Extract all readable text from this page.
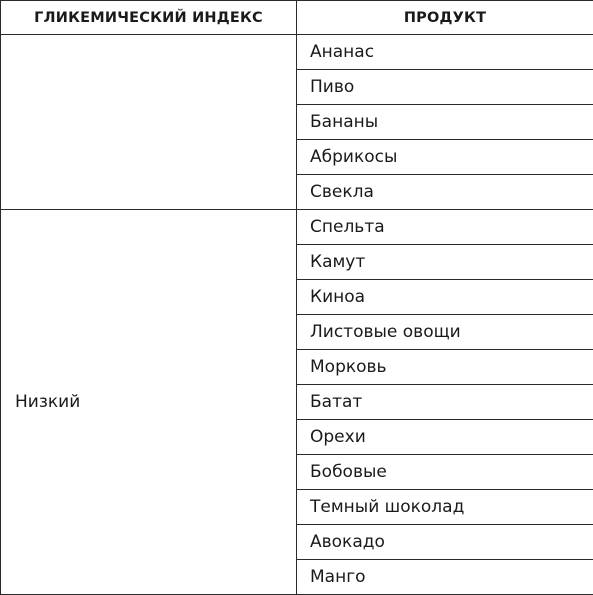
ГЛИКЕМИЧЕСКИЙ ИНДЕКС	ПРОДУКТ
	Ананас
	Пиво
	Бананы
	Абрикосы
	Свекла
Низкий	Спельта
	Камут
	Киноа
	Листовые овощи
	Морковь
	Батат
	Орехи
	Бобовые
	Темный шоколад
	Авокадо
	Манго
